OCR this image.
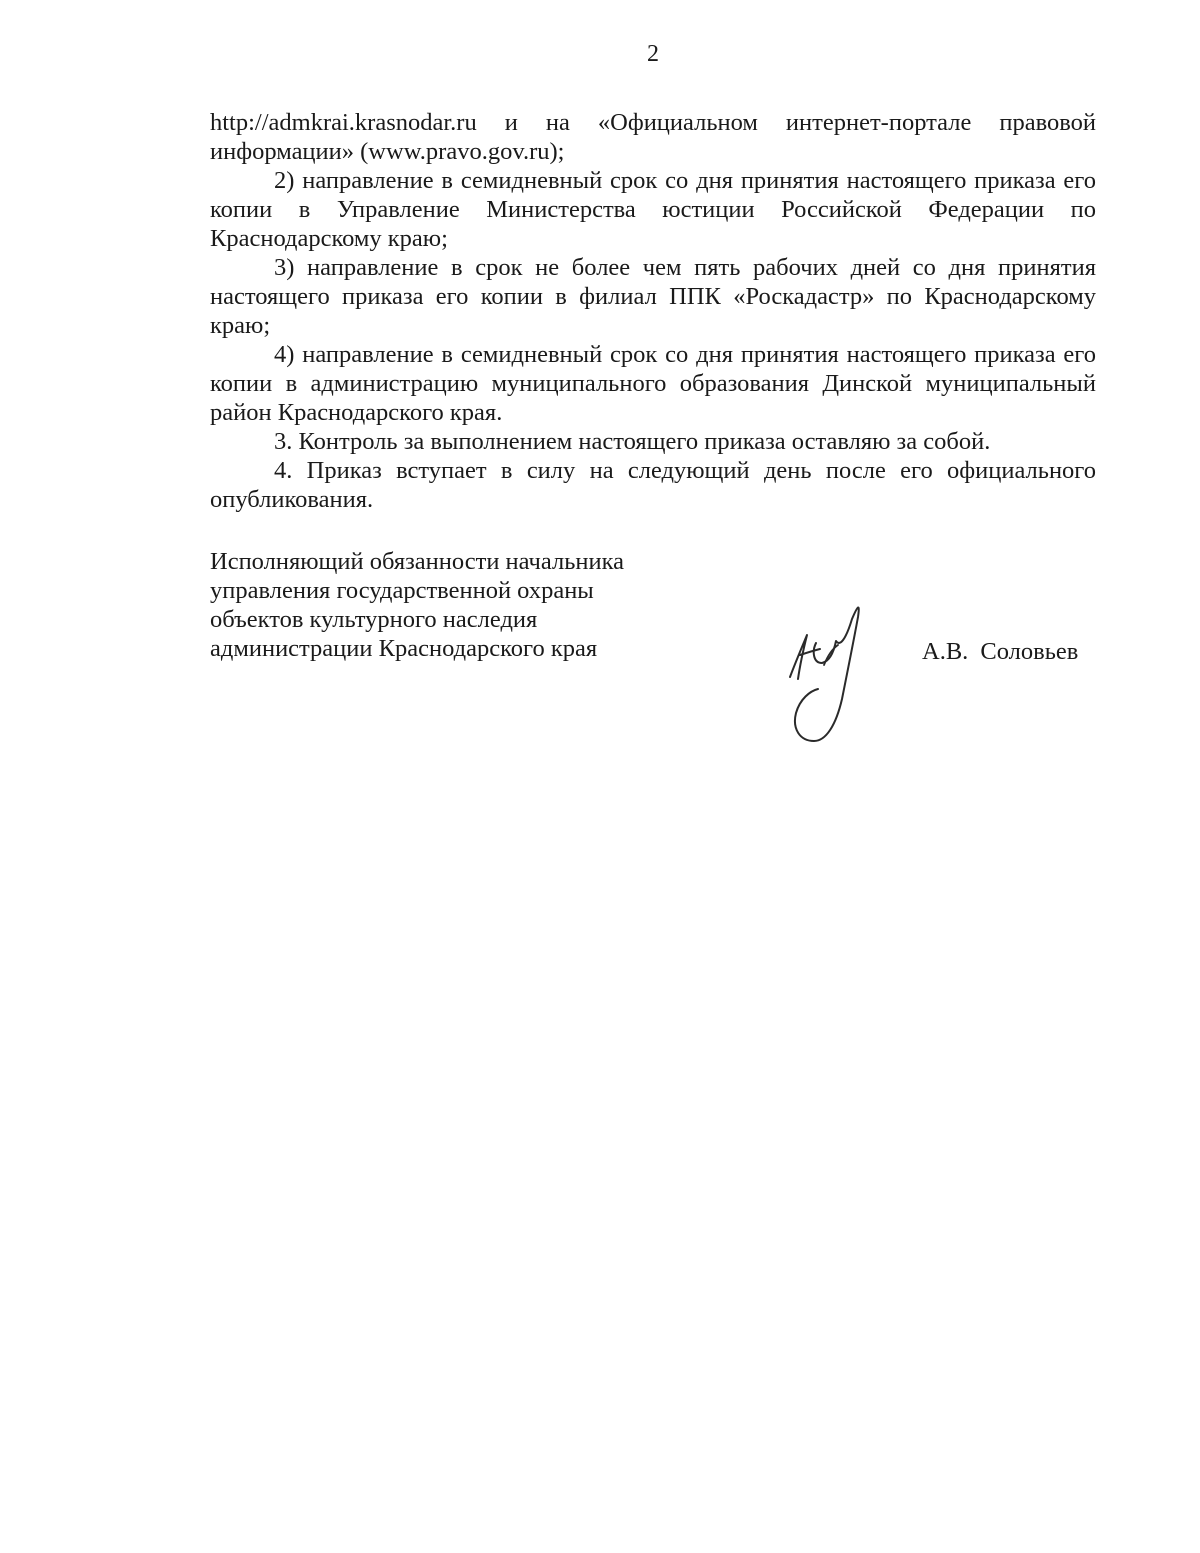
2

http://admkrai.krasnodar.ru и на «Официальном интернет-портале правовой информации» (www.pravo.gov.ru);

2) направление в семидневный срок со дня принятия настоящего приказа его копии в Управление Министерства юстиции Российской Федерации по Краснодарскому краю;

3) направление в срок не более чем пять рабочих дней со дня принятия настоящего приказа его копии в филиал ППК «Роскадастр» по Краснодарскому краю;

4) направление в семидневный срок со дня принятия настоящего приказа его копии в администрацию муниципального образования Динской муниципальный район Краснодарского края.

3. Контроль за выполнением настоящего приказа оставляю за собой.

4. Приказ вступает в силу на следующий день после его официального опубликования.

Исполняющий обязанности начальника
управления государственной охраны
объектов культурного наследия
администрации Краснодарского края	А.В. Соловьев
